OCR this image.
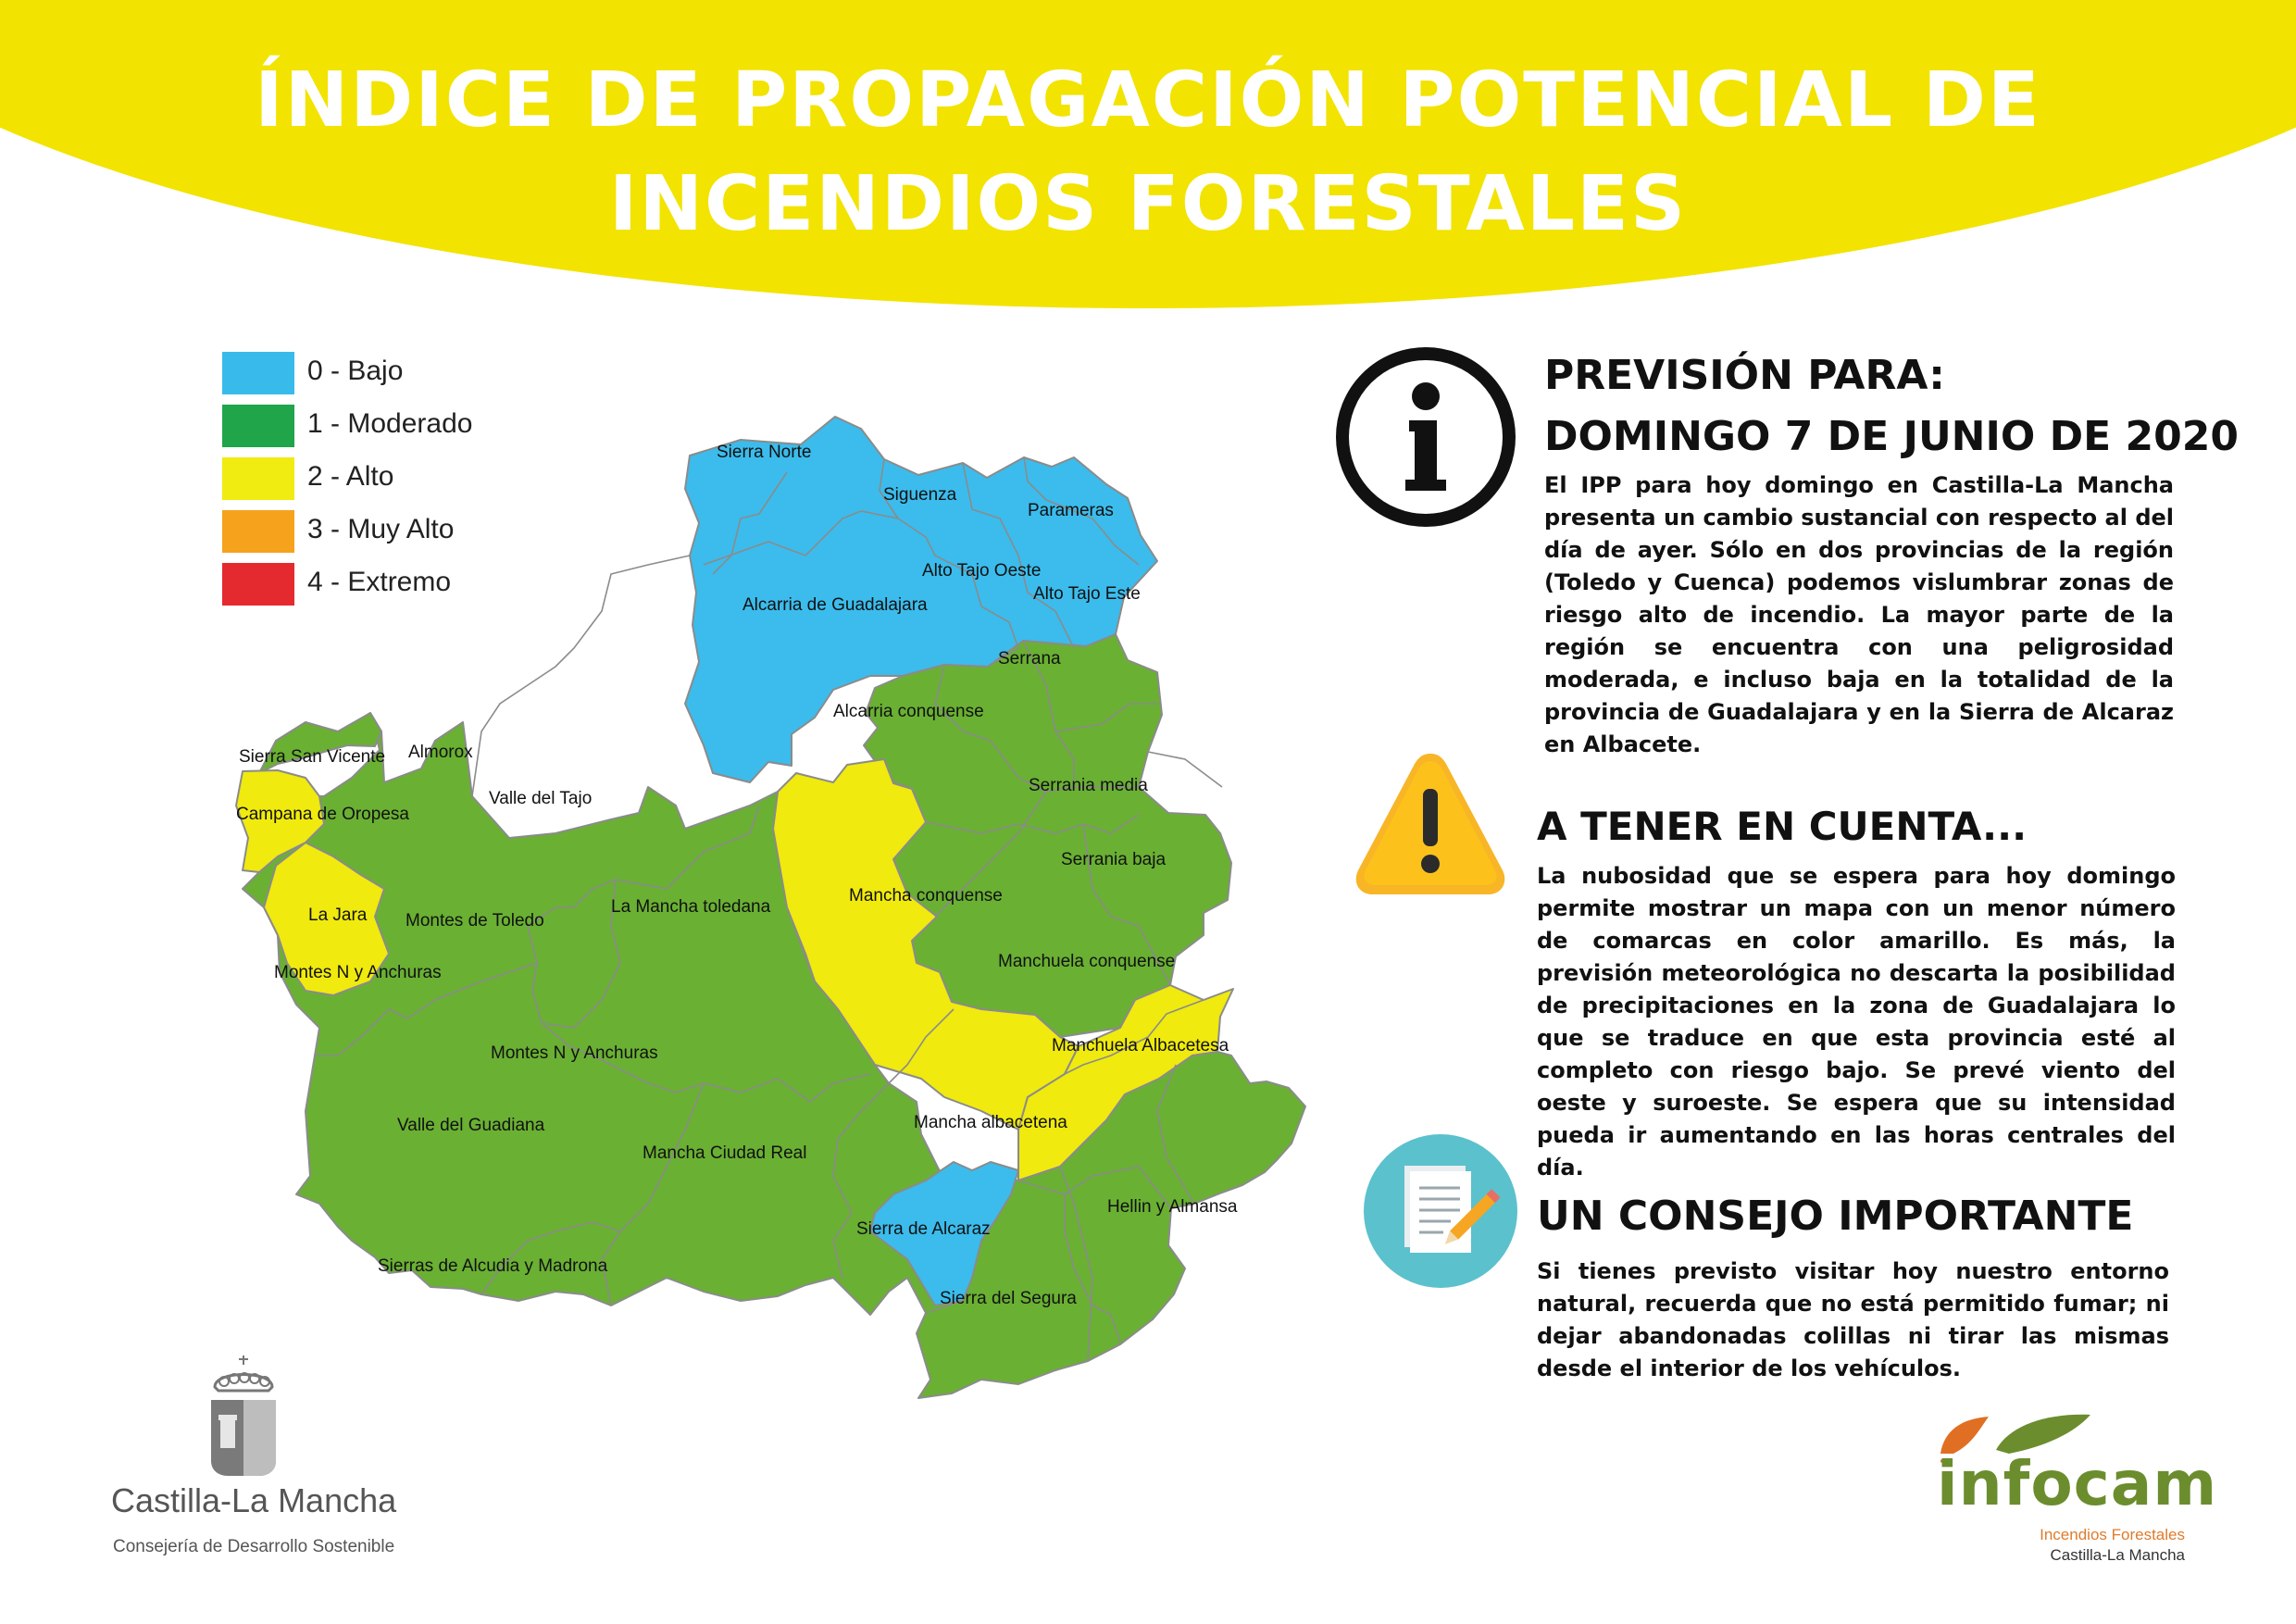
ÍNDICE DE PROPAGACIÓN POTENCIAL DE
INCENDIOS FORESTALES
0 - Bajo
1 - Moderado
2 - Alto
3 - Muy Alto
4 - Extremo
Sierra Norte
Siguenza
Parameras
Alto Tajo Oeste
Alto Tajo Este
Alcarria de Guadalajara
Serrana
Alcarria conquense
Sierra San Vicente Almorox
Valle del Tajo
Campana de Oropesa
Serrania media
Serrania baja
Mancha conquense
La Jara Montes de Toledo
La Mancha toledana
Manchuela conquense
Montes N y Anchuras
Manchuela Albacetesa
Montes N y Anchuras
Valle del Guadiana	Mancha albacetena
Mancha Ciudad Real
Hellin y Almansa
Sierra de Alcaraz
Sierras de Alcudia y Madrona
Sierra del Segura
PREVISIÓN PARA:
DOMINGO 7 DE JUNIO DE 2020
El IPP para hoy domingo en Castilla-La Mancha presenta un cambio sustancial con respecto al del día de ayer. Sólo en dos provincias de la región (Toledo y Cuenca) podemos vislumbrar zonas de riesgo alto de incendio. La mayor parte de la región se encuentra con una peligrosidad moderada, e incluso baja en la totalidad de la provincia de Guadalajara y en la Sierra de Alcaraz en Albacete.
A TENER EN CUENTA...
La nubosidad que se espera para hoy domingo permite mostrar un mapa con un menor número de comarcas en color amarillo. Es más, la previsión meteorológica no descarta la posibilidad de precipitaciones en la zona de Guadalajara lo que se traduce en que esta provincia esté al completo con riesgo bajo. Se prevé viento del oeste y suroeste. Se espera que su intensidad pueda ir aumentando en las horas centrales del día.
UN CONSEJO IMPORTANTE
Si tienes previsto visitar hoy nuestro entorno natural, recuerda que no está permitido fumar; ni dejar abandonadas colillas ni tirar las mismas desde el interior de los vehículos.
Castilla-La Mancha
Consejería de Desarrollo Sostenible
infocam
Incendios Forestales
Castilla-La Mancha
